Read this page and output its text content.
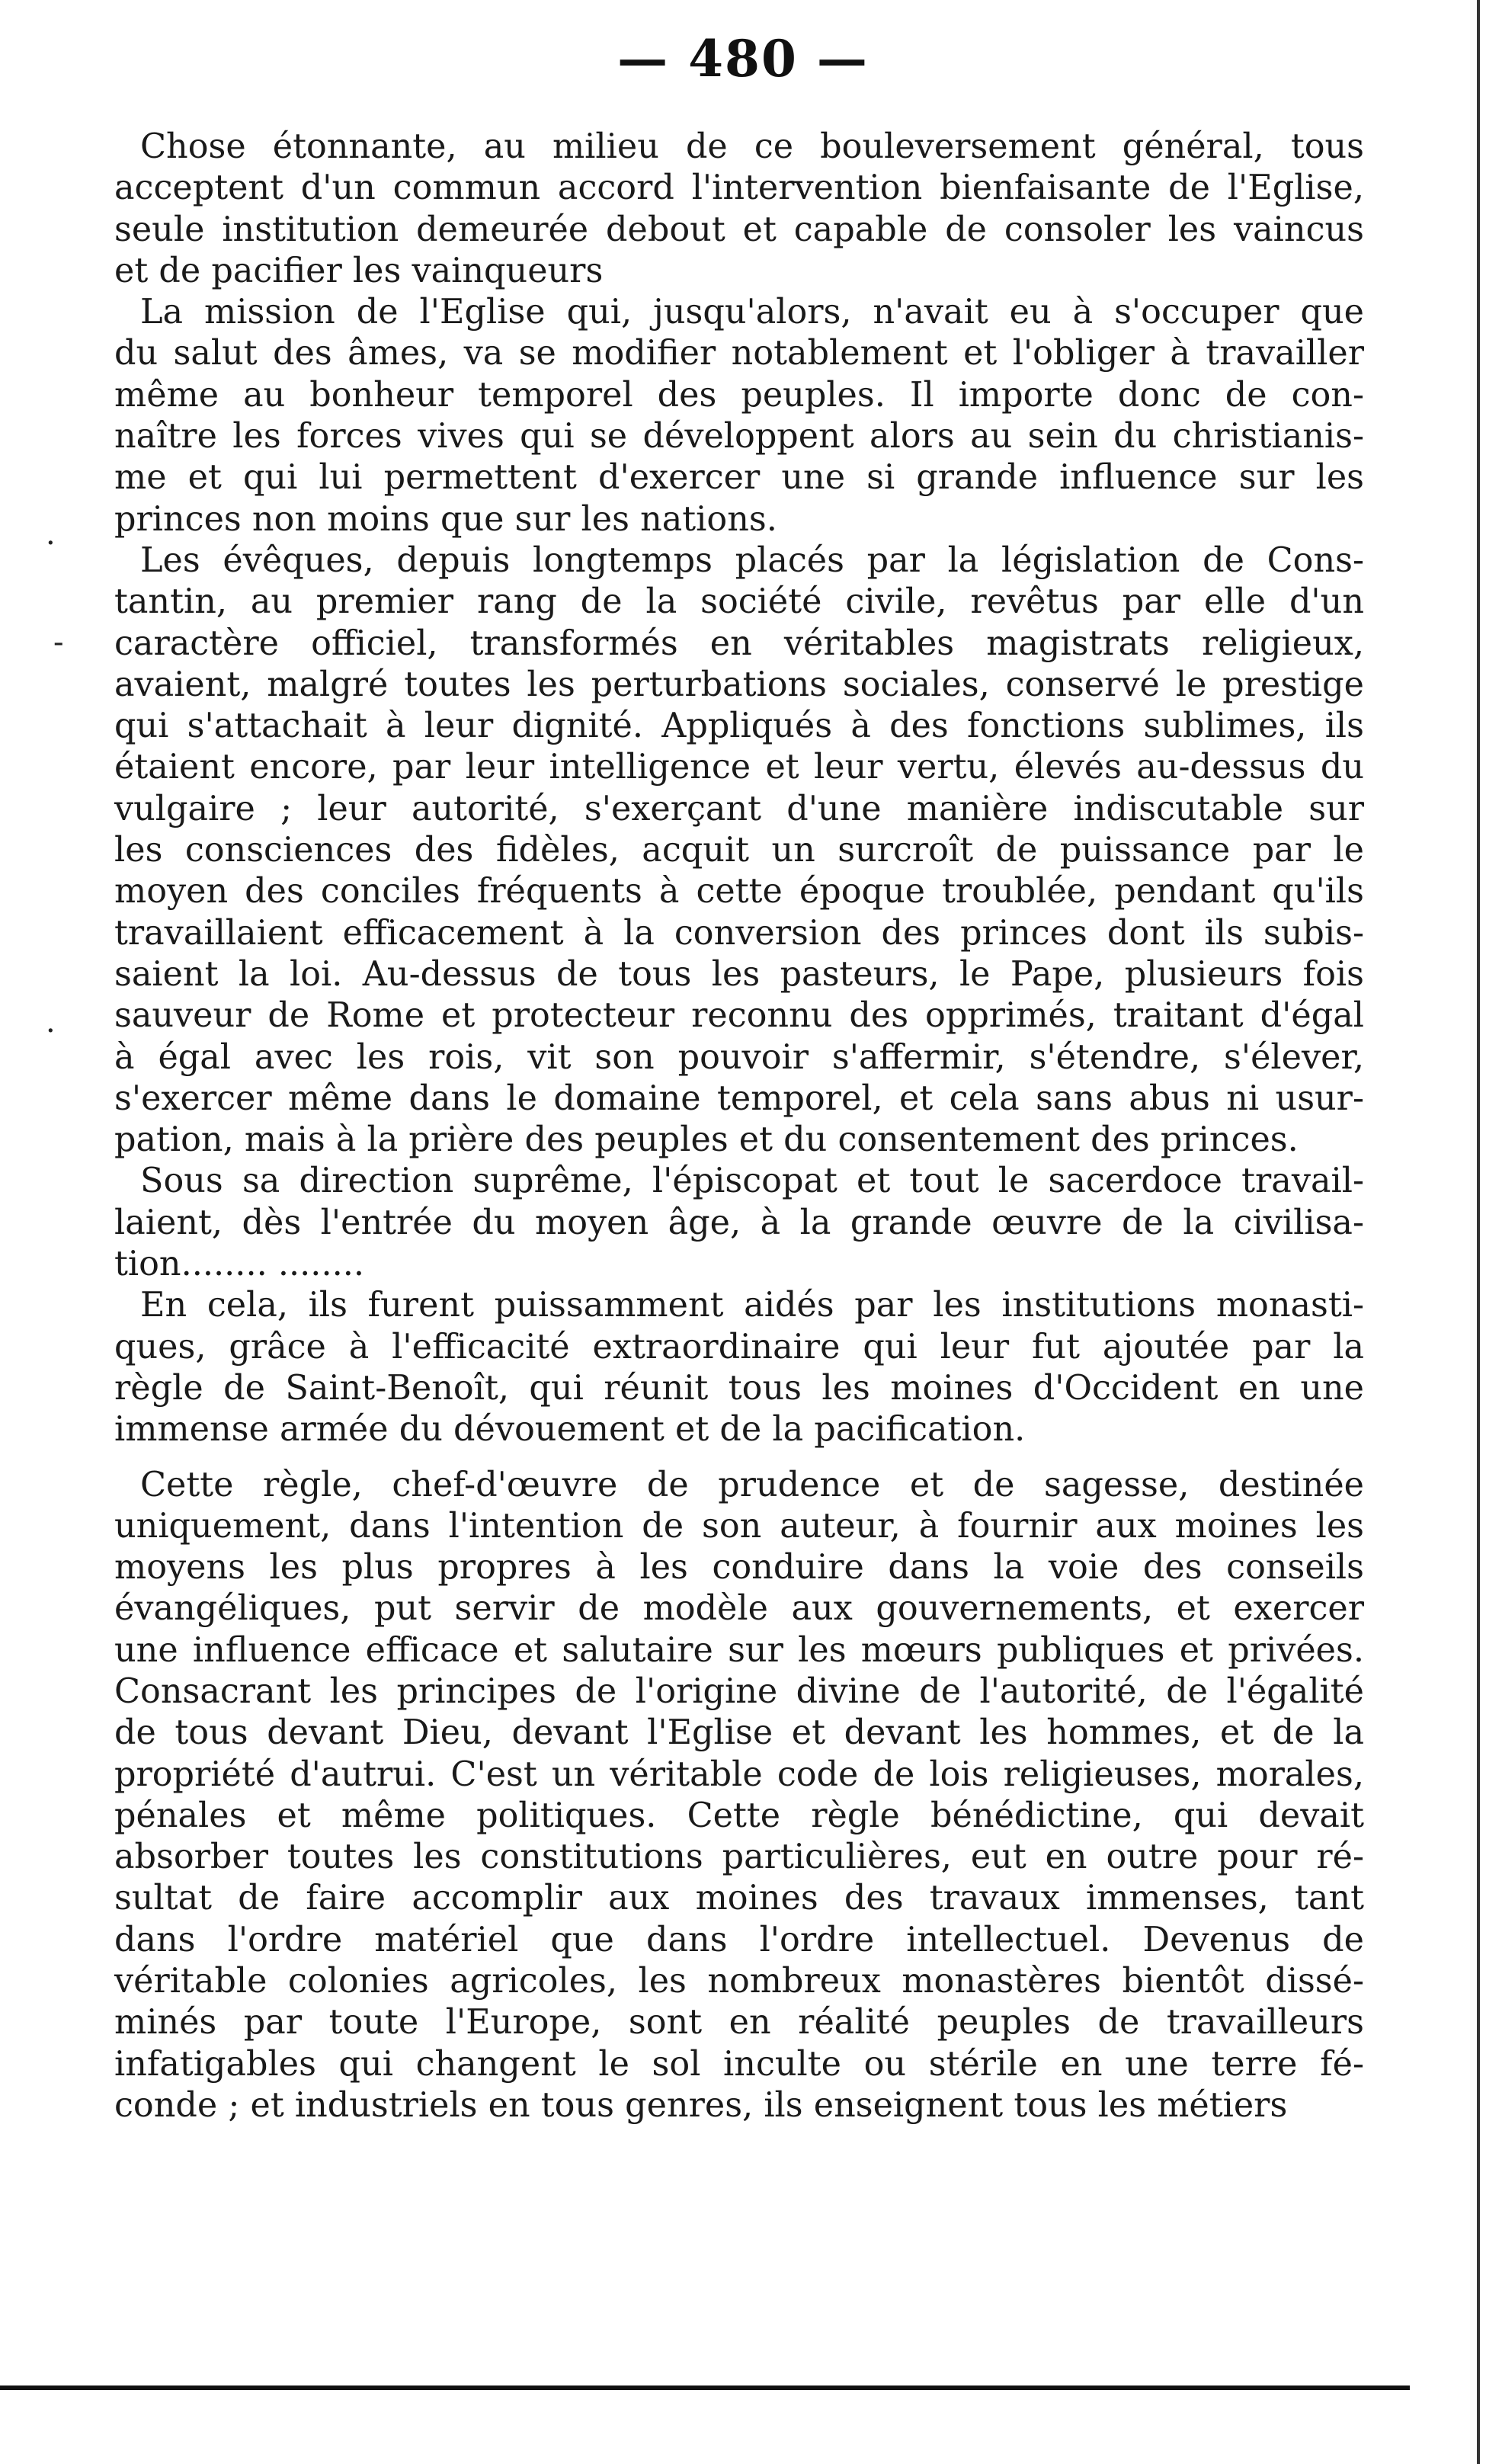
— 480 —
Chose étonnante, au milieu de ce bouleversement général, tous
acceptent d'un commun accord l'intervention bienfaisante de l'Eglise,
seule institution demeurée debout et capable de consoler les vaincus
et de pacifier les vainqueurs
La mission de l'Eglise qui, jusqu'alors, n'avait eu à s'occuper que
du salut des âmes, va se modifier notablement et l'obliger à travailler
même au bonheur temporel des peuples. Il importe donc de con-
naître les forces vives qui se développent alors au sein du christianis-
me et qui lui permettent d'exercer une si grande influence sur les
princes non moins que sur les nations.
Les évêques, depuis longtemps placés par la législation de Cons-
tantin, au premier rang de la société civile, revêtus par elle d'un
caractère officiel, transformés en véritables magistrats religieux,
avaient, malgré toutes les perturbations sociales, conservé le prestige
qui s'attachait à leur dignité. Appliqués à des fonctions sublimes, ils
étaient encore, par leur intelligence et leur vertu, élevés au-dessus du
vulgaire ; leur autorité, s'exerçant d'une manière indiscutable sur
les consciences des fidèles, acquit un surcroît de puissance par le
moyen des conciles fréquents à cette époque troublée, pendant qu'ils
travaillaient efficacement à la conversion des princes dont ils subis-
saient la loi. Au-dessus de tous les pasteurs, le Pape, plusieurs fois
sauveur de Rome et protecteur reconnu des opprimés, traitant d'égal
à égal avec les rois, vit son pouvoir s'affermir, s'étendre, s'élever,
s'exercer même dans le domaine temporel, et cela sans abus ni usur-
pation, mais à la prière des peuples et du consentement des princes.
Sous sa direction suprême, l'épiscopat et tout le sacerdoce travail-
laient, dès l'entrée du moyen âge, à la grande œuvre de la civilisa-
tion........ ........
En cela, ils furent puissamment aidés par les institutions monasti-
ques, grâce à l'efficacité extraordinaire qui leur fut ajoutée par la
règle de Saint-Benoît, qui réunit tous les moines d'Occident en une
immense armée du dévouement et de la pacification.
Cette règle, chef-d'œuvre de prudence et de sagesse, destinée
uniquement, dans l'intention de son auteur, à fournir aux moines les
moyens les plus propres à les conduire dans la voie des conseils
évangéliques, put servir de modèle aux gouvernements, et exercer
une influence efficace et salutaire sur les mœurs publiques et privées.
Consacrant les principes de l'origine divine de l'autorité, de l'égalité
de tous devant Dieu, devant l'Eglise et devant les hommes, et de la
propriété d'autrui. C'est un véritable code de lois religieuses, morales,
pénales et même politiques. Cette règle bénédictine, qui devait
absorber toutes les constitutions particulières, eut en outre pour ré-
sultat de faire accomplir aux moines des travaux immenses, tant
dans l'ordre matériel que dans l'ordre intellectuel. Devenus de
véritable colonies agricoles, les nombreux monastères bientôt dissé-
minés par toute l'Europe, sont en réalité peuples de travailleurs
infatigables qui changent le sol inculte ou stérile en une terre fé-
conde ; et industriels en tous genres, ils enseignent tous les métiers
·
-
·
